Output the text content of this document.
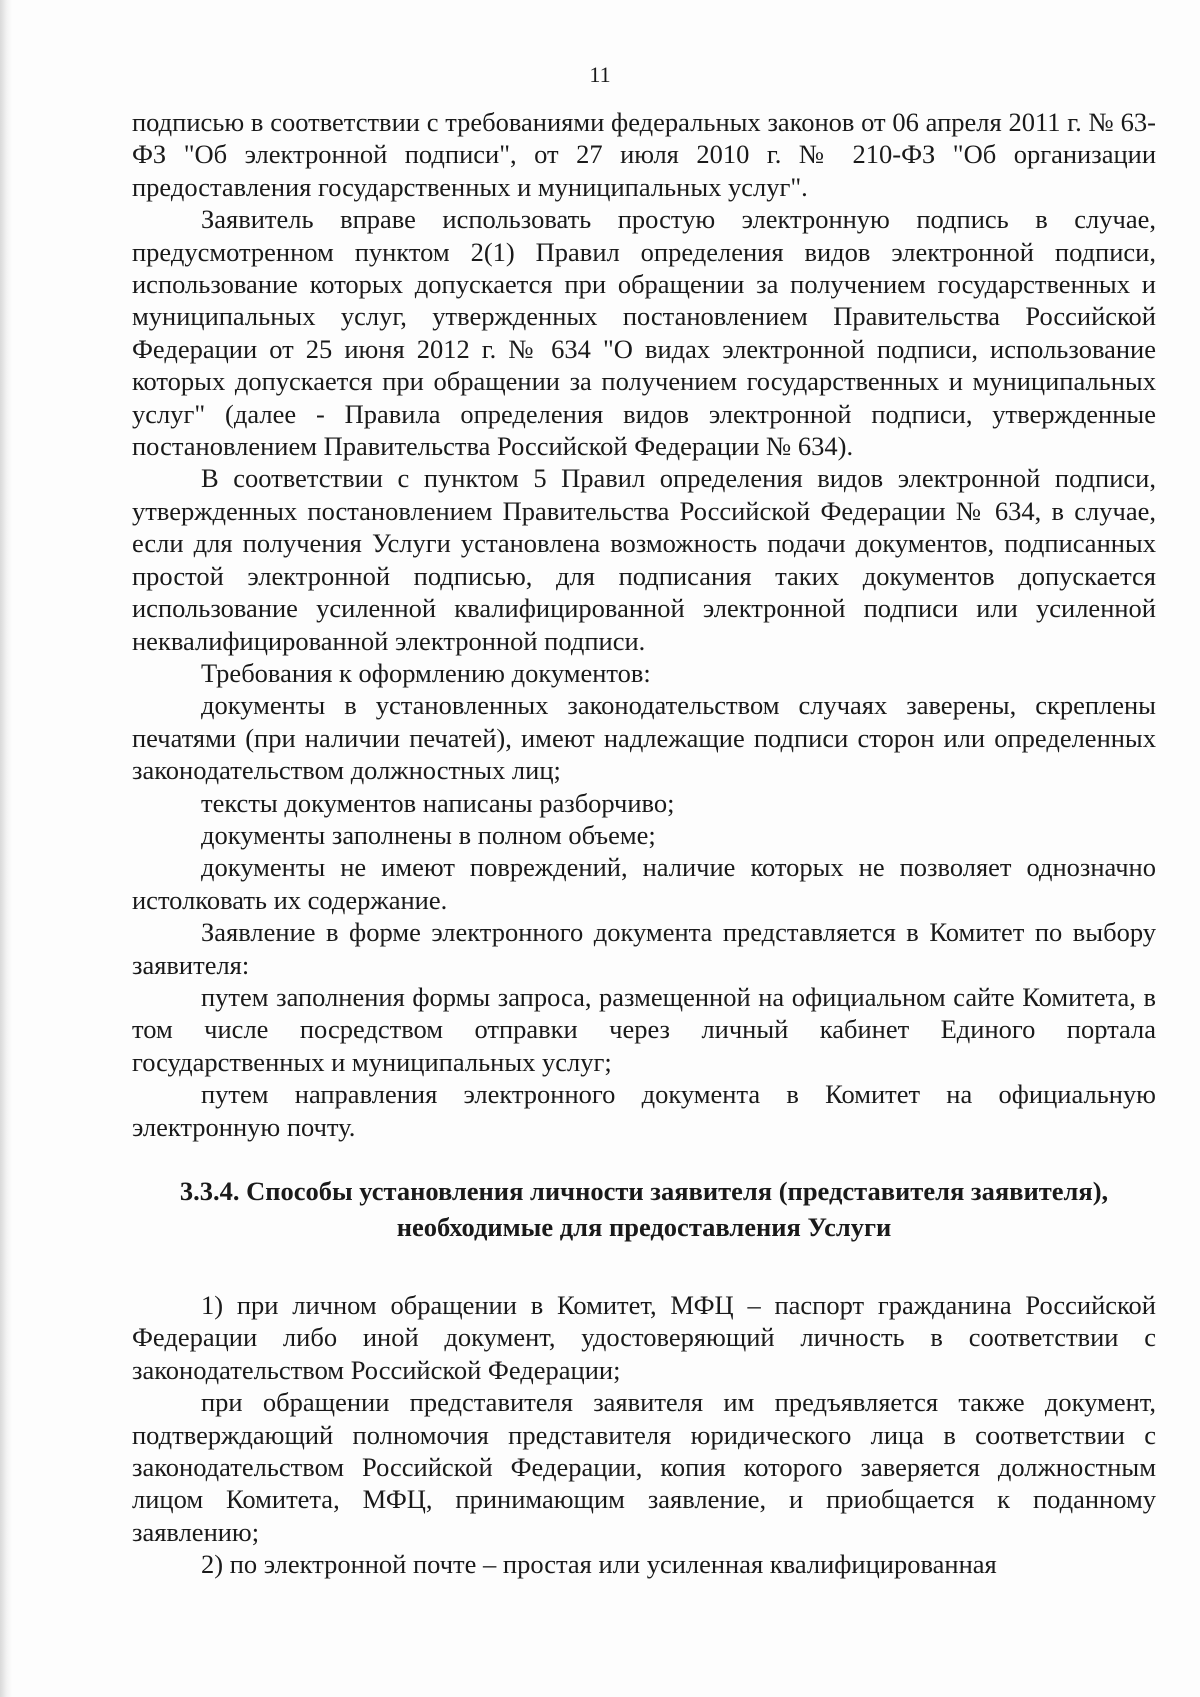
11

подписью в соответствии с требованиями федеральных законов от 06 апреля 2011 г. № 63-ФЗ "Об электронной подписи", от 27 июля 2010 г. № 210-ФЗ "Об организации предоставления государственных и муниципальных услуг".

Заявитель вправе использовать простую электронную подпись в случае, предусмотренном пунктом 2(1) Правил определения видов электронной подписи, использование которых допускается при обращении за получением государственных и муниципальных услуг, утвержденных постановлением Правительства Российской Федерации от 25 июня 2012 г. № 634 "О видах электронной подписи, использование которых допускается при обращении за получением государственных и муниципальных услуг" (далее - Правила определения видов электронной подписи, утвержденные постановлением Правительства Российской Федерации № 634).

В соответствии с пунктом 5 Правил определения видов электронной подписи, утвержденных постановлением Правительства Российской Федерации № 634, в случае, если для получения Услуги установлена возможность подачи документов, подписанных простой электронной подписью, для подписания таких документов допускается использование усиленной квалифицированной электронной подписи или усиленной неквалифицированной электронной подписи.

Требования к оформлению документов:

документы в установленных законодательством случаях заверены, скреплены печатями (при наличии печатей), имеют надлежащие подписи сторон или определенных законодательством должностных лиц;

тексты документов написаны разборчиво;

документы заполнены в полном объеме;

документы не имеют повреждений, наличие которых не позволяет однозначно истолковать их содержание.

Заявление в форме электронного документа представляется в Комитет по выбору заявителя:

путем заполнения формы запроса, размещенной на официальном сайте Комитета, в том числе посредством отправки через личный кабинет Единого портала государственных и муниципальных услуг;

путем направления электронного документа в Комитет на официальную электронную почту.

3.3.4. Способы установления личности заявителя (представителя заявителя), необходимые для предоставления Услуги

1) при личном обращении в Комитет, МФЦ – паспорт гражданина Российской Федерации либо иной документ, удостоверяющий личность в соответствии с законодательством Российской Федерации;

при обращении представителя заявителя им предъявляется также документ, подтверждающий полномочия представителя юридического лица в соответствии с законодательством Российской Федерации, копия которого заверяется должностным лицом Комитета, МФЦ, принимающим заявление, и приобщается к поданному заявлению;

2) по электронной почте – простая или усиленная квалифицированная
